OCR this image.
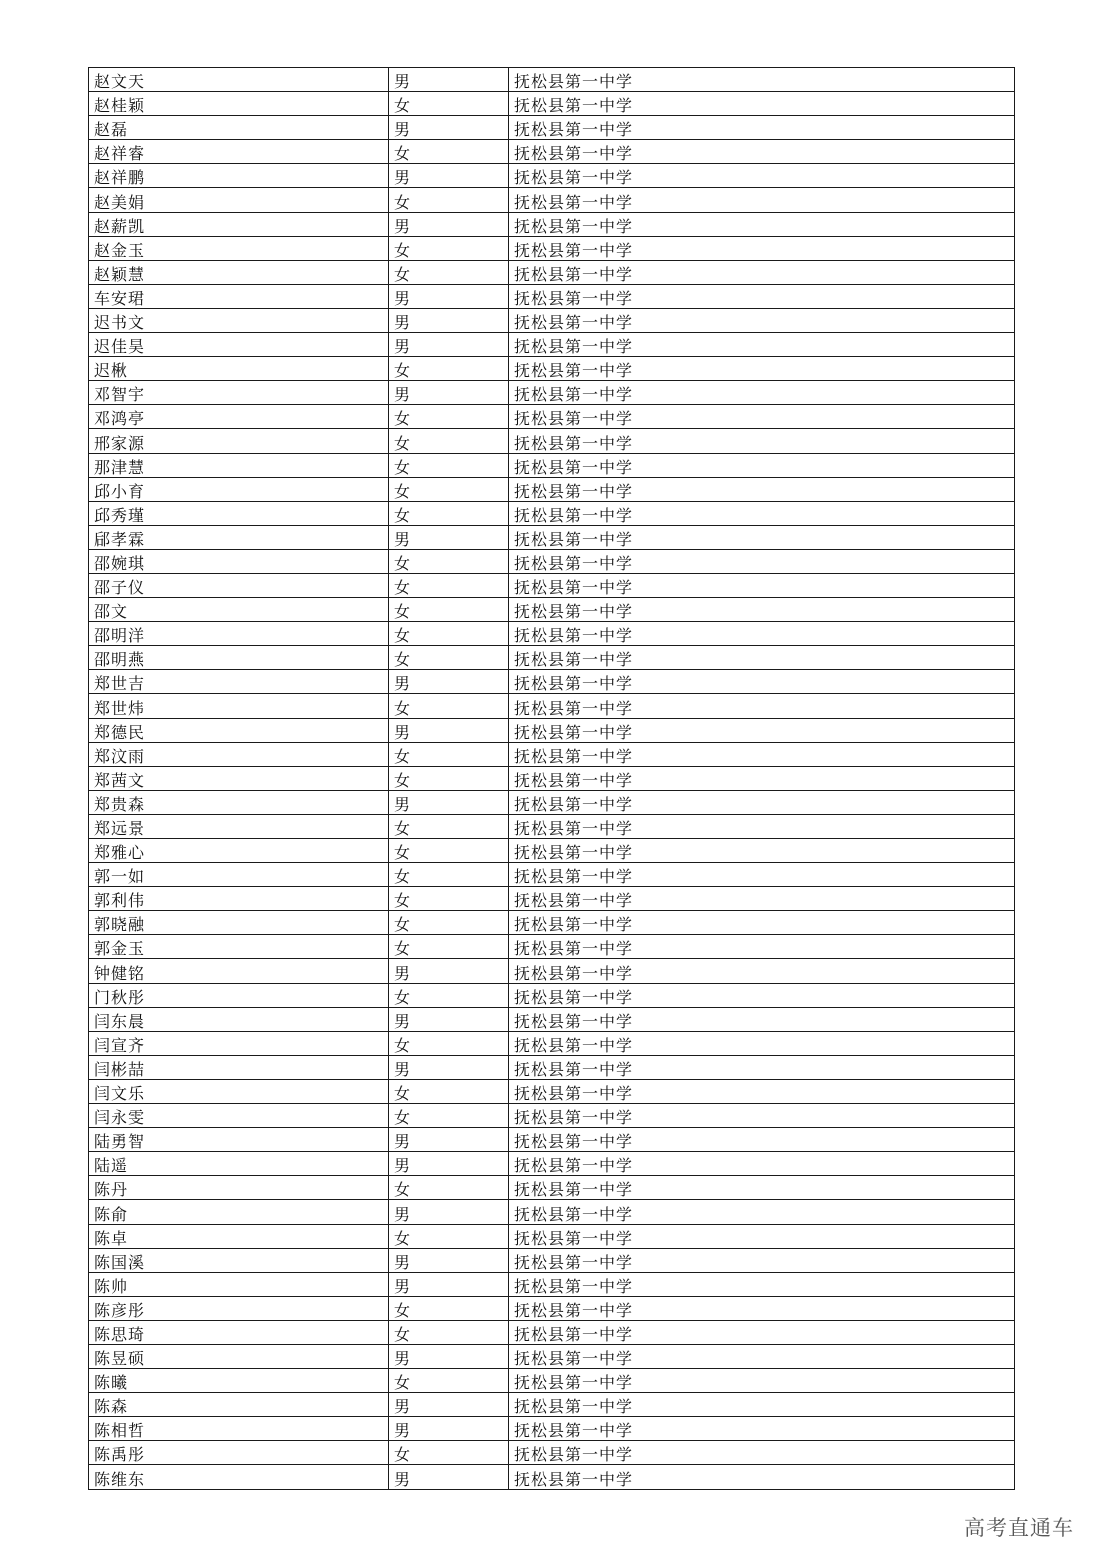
赵文天	男	抚松县第一中学
赵桂颖	女	抚松县第一中学
赵磊	男	抚松县第一中学
赵祥睿	女	抚松县第一中学
赵祥鹏	男	抚松县第一中学
赵美娟	女	抚松县第一中学
赵薪凯	男	抚松县第一中学
赵金玉	女	抚松县第一中学
赵颖慧	女	抚松县第一中学
车安珺	男	抚松县第一中学
迟书文	男	抚松县第一中学
迟佳昊	男	抚松县第一中学
迟楸	女	抚松县第一中学
邓智宇	男	抚松县第一中学
邓鸿亭	女	抚松县第一中学
邢家源	女	抚松县第一中学
那津慧	女	抚松县第一中学
邱小育	女	抚松县第一中学
邱秀瑾	女	抚松县第一中学
郈孝霖	男	抚松县第一中学
邵婉琪	女	抚松县第一中学
邵子仪	女	抚松县第一中学
邵文	女	抚松县第一中学
邵明洋	女	抚松县第一中学
邵明燕	女	抚松县第一中学
郑世吉	男	抚松县第一中学
郑世炜	女	抚松县第一中学
郑德民	男	抚松县第一中学
郑汶雨	女	抚松县第一中学
郑茜文	女	抚松县第一中学
郑贵森	男	抚松县第一中学
郑远景	女	抚松县第一中学
郑雅心	女	抚松县第一中学
郭一如	女	抚松县第一中学
郭利伟	女	抚松县第一中学
郭晓融	女	抚松县第一中学
郭金玉	女	抚松县第一中学
钟健铭	男	抚松县第一中学
门秋彤	女	抚松县第一中学
闫东晨	男	抚松县第一中学
闫宣齐	女	抚松县第一中学
闫彬喆	男	抚松县第一中学
闫文乐	女	抚松县第一中学
闫永雯	女	抚松县第一中学
陆勇智	男	抚松县第一中学
陆遥	男	抚松县第一中学
陈丹	女	抚松县第一中学
陈俞	男	抚松县第一中学
陈卓	女	抚松县第一中学
陈国溪	男	抚松县第一中学
陈帅	男	抚松县第一中学
陈彦彤	女	抚松县第一中学
陈思琦	女	抚松县第一中学
陈昱硕	男	抚松县第一中学
陈曦	女	抚松县第一中学
陈森	男	抚松县第一中学
陈相哲	男	抚松县第一中学
陈禹彤	女	抚松县第一中学
陈维东	男	抚松县第一中学
高考直通车
